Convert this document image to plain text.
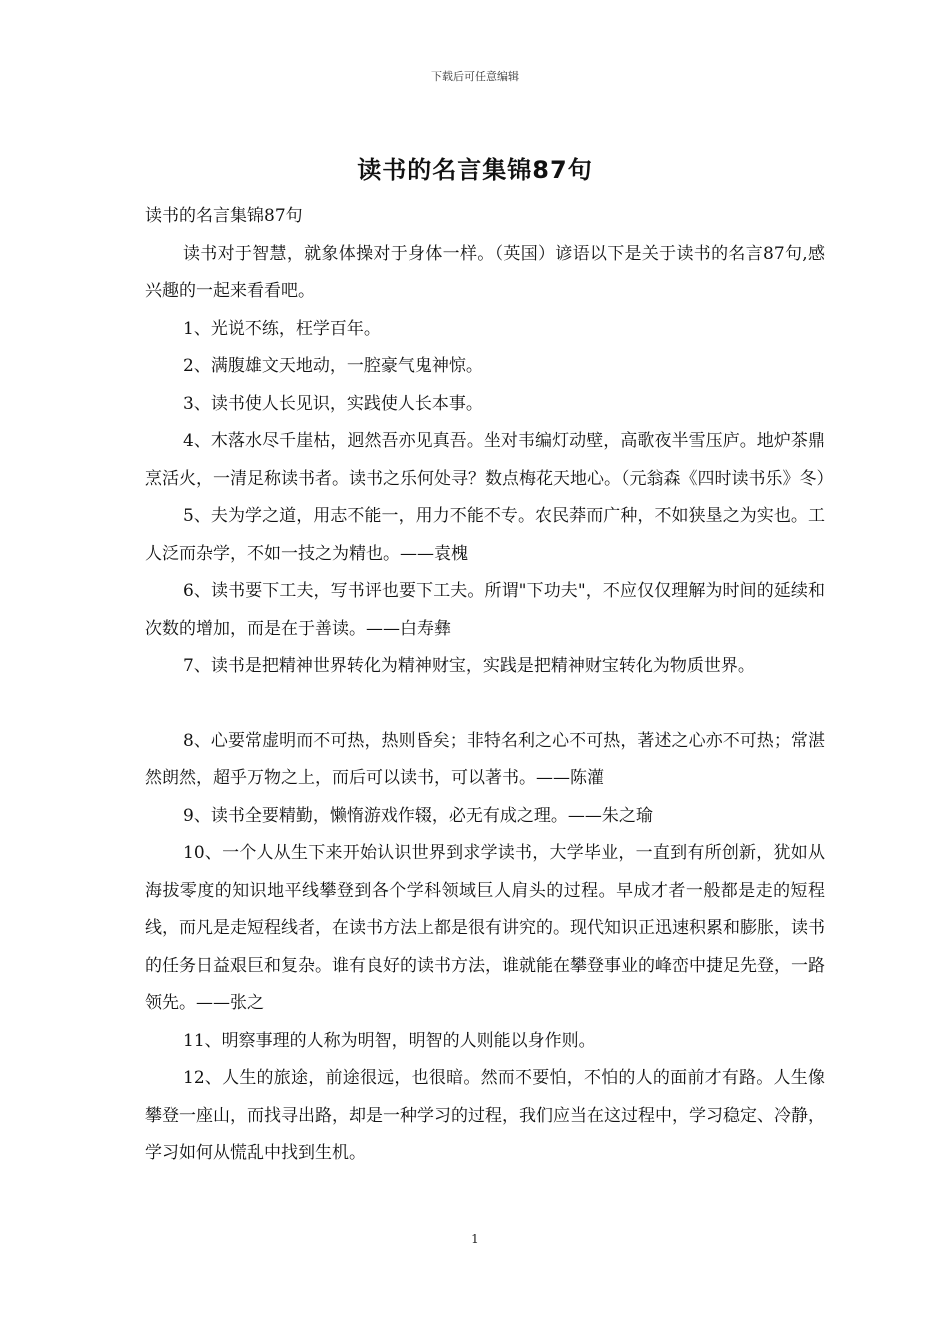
下载后可任意编辑
读书的名言集锦87句

读书的名言集锦87句

读书对于智慧，就象体操对于身体一样。（英国）谚语以下是关于读书的名言87句,感兴趣的一起来看看吧。

1、光说不练，枉学百年。

2、满腹雄文天地动，一腔豪气鬼神惊。

3、读书使人长见识，实践使人长本事。

4、木落水尽千崖枯，迥然吾亦见真吾。坐对韦编灯动壁，高歌夜半雪压庐。地炉茶鼎烹活火，一清足称读书者。读书之乐何处寻？数点梅花天地心。（元翁森《四时读书乐》冬）

5、夫为学之道，用志不能一，用力不能不专。农民莽而广种，不如狭垦之为实也。工人泛而杂学，不如一技之为精也。——袁槐

6、读书要下工夫，写书评也要下工夫。所谓"下功夫"，不应仅仅理解为时间的延续和次数的增加，而是在于善读。——白寿彝

7、读书是把精神世界转化为精神财宝，实践是把精神财宝转化为物质世界。

8、心要常虚明而不可热，热则昏矣；非特名利之心不可热，著述之心亦不可热；常湛然朗然，超乎万物之上，而后可以读书，可以著书。——陈灌

9、读书全要精勤，懒惰游戏作辍，必无有成之理。——朱之瑜

10、一个人从生下来开始认识世界到求学读书，大学毕业，一直到有所创新，犹如从海拔零度的知识地平线攀登到各个学科领域巨人肩头的过程。早成才者一般都是走的短程线，而凡是走短程线者，在读书方法上都是很有讲究的。现代知识正迅速积累和膨胀，读书的任务日益艰巨和复杂。谁有良好的读书方法，谁就能在攀登事业的峰峦中捷足先登，一路领先。——张之

11、明察事理的人称为明智，明智的人则能以身作则。

12、人生的旅途，前途很远，也很暗。然而不要怕，不怕的人的面前才有路。人生像攀登一座山，而找寻出路，却是一种学习的过程，我们应当在这过程中，学习稳定、冷静，学习如何从慌乱中找到生机。

1
